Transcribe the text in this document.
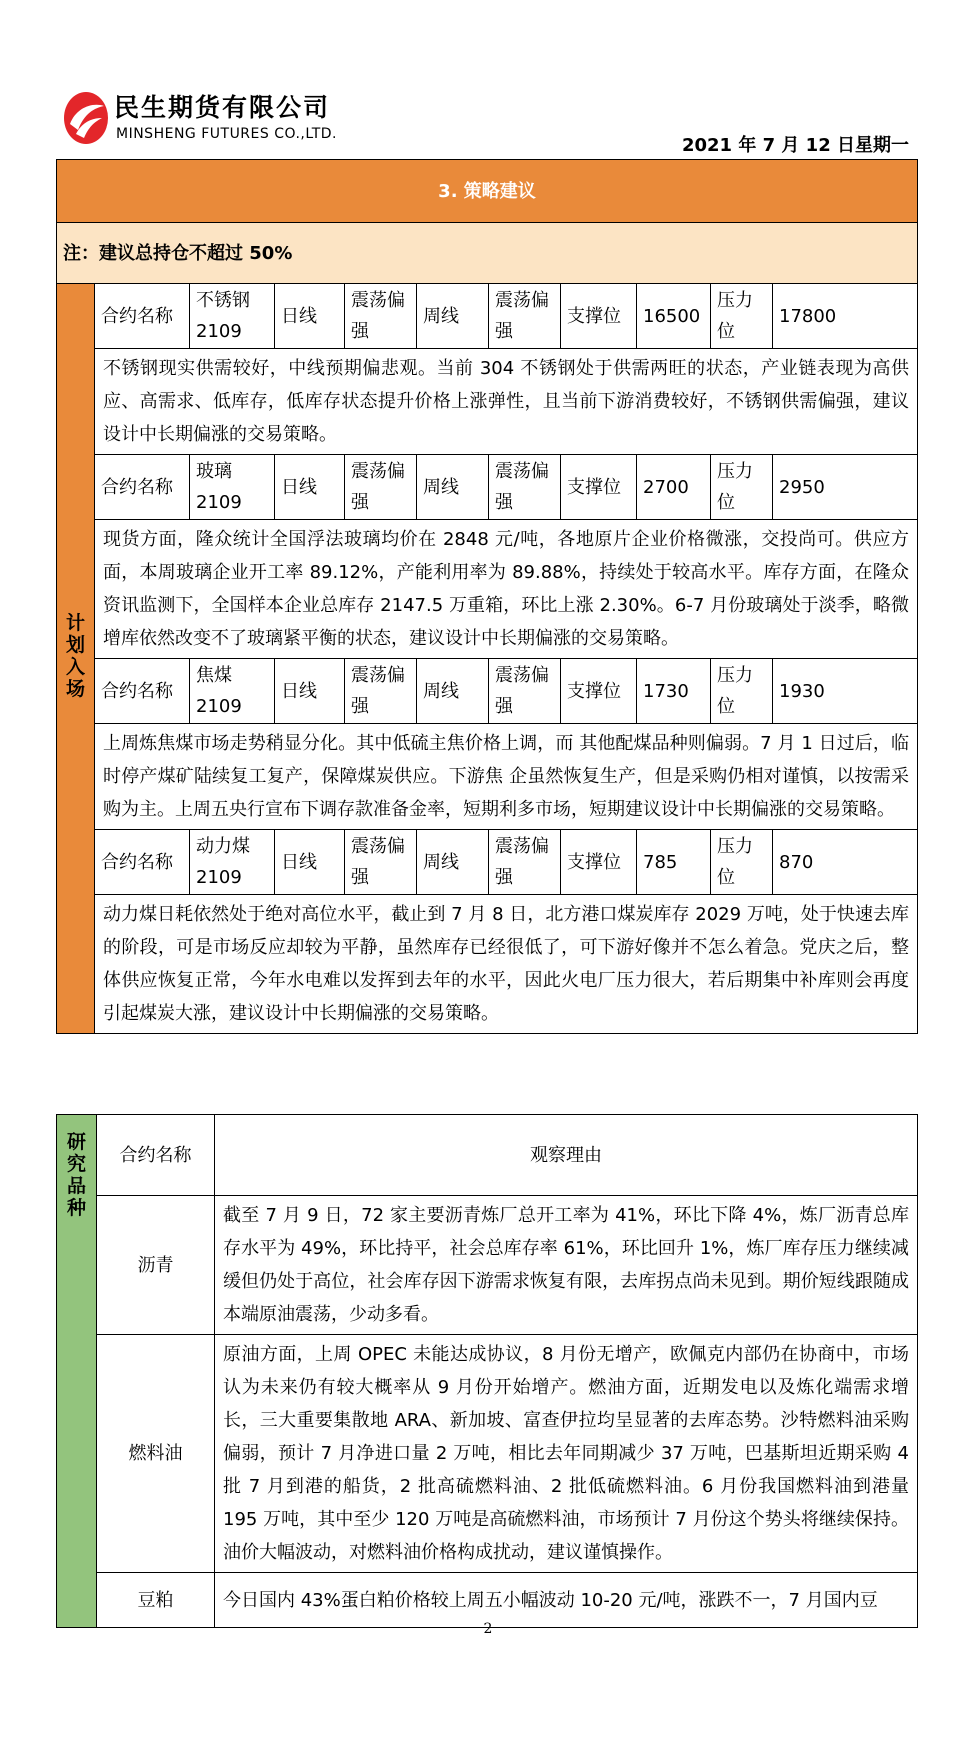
民生期货有限公司
MINSHENG FUTURES CO.,LTD.
2021 年 7 月 12 日星期一
3. 策略建议										
注：建议总持仓不超过 50%										
计划入场	合约名称	不锈钢 2109	日线	震荡偏强	周线	震荡偏强	支撑位	16500	压力位	17800
	不锈钢现实供需较好，中线预期偏悲观。当前 304 不锈钢处于供需两旺的状态，产业链表现为高供应、高需求、低库存，低库存状态提升价格上涨弹性，且当前下游消费较好，不锈钢供需偏强，建议设计中长期偏涨的交易策略。									
	合约名称	玻璃 2109	日线	震荡偏强	周线	震荡偏强	支撑位	2700	压力位	2950
	现货方面，隆众统计全国浮法玻璃均价在 2848 元/吨，各地原片企业价格微涨，交投尚可。供应方面，本周玻璃企业开工率 89.12%，产能利用率为 89.88%，持续处于较高水平。库存方面，在隆众资讯监测下，全国样本企业总库存 2147.5 万重箱，环比上涨 2.30%。6-7 月份玻璃处于淡季，略微增库依然改变不了玻璃紧平衡的状态，建议设计中长期偏涨的交易策略。									
	合约名称	焦煤 2109	日线	震荡偏强	周线	震荡偏强	支撑位	1730	压力位	1930
	上周炼焦煤市场走势稍显分化。其中低硫主焦价格上调，而 其他配煤品种则偏弱。7 月 1 日过后，临时停产煤矿陆续复工复产，保障煤炭供应。下游焦 企虽然恢复生产，但是采购仍相对谨慎，以按需采购为主。上周五央行宣布下调存款准备金率，短期利多市场，短期建议设计中长期偏涨的交易策略。									
	合约名称	动力煤 2109	日线	震荡偏强	周线	震荡偏强	支撑位	785	压力位	870
	动力煤日耗依然处于绝对高位水平，截止到 7 月 8 日，北方港口煤炭库存 2029 万吨，处于快速去库的阶段，可是市场反应却较为平静，虽然库存已经很低了，可下游好像并不怎么着急。党庆之后，整体供应恢复正常，今年水电难以发挥到去年的水平，因此火电厂压力很大，若后期集中补库则会再度引起煤炭大涨，建议设计中长期偏涨的交易策略。									
研究品种	合约名称	观察理由
	沥青	截至 7 月 9 日，72 家主要沥青炼厂总开工率为 41%，环比下降 4%，炼厂沥青总库存水平为 49%，环比持平，社会总库存率 61%，环比回升 1%，炼厂库存压力继续减缓但仍处于高位，社会库存因下游需求恢复有限，去库拐点尚未见到。期价短线跟随成本端原油震荡，少动多看。
	燃料油	原油方面，上周 OPEC 未能达成协议，8 月份无增产，欧佩克内部仍在协商中，市场认为未来仍有较大概率从 9 月份开始增产。燃油方面，近期发电以及炼化端需求增长，三大重要集散地 ARA、新加坡、富查伊拉均呈显著的去库态势。沙特燃料油采购偏弱，预计 7 月净进口量 2 万吨，相比去年同期减少 37 万吨，巴基斯坦近期采购 4 批 7 月到港的船货，2 批高硫燃料油、2 批低硫燃料油。6 月份我国燃料油到港量 195 万吨，其中至少 120 万吨是高硫燃料油，市场预计 7 月份这个势头将继续保持。油价大幅波动，对燃料油价格构成扰动，建议谨慎操作。
	豆粕	今日国内 43%蛋白粕价格较上周五小幅波动 10-20 元/吨，涨跌不一，7 月国内豆
2
